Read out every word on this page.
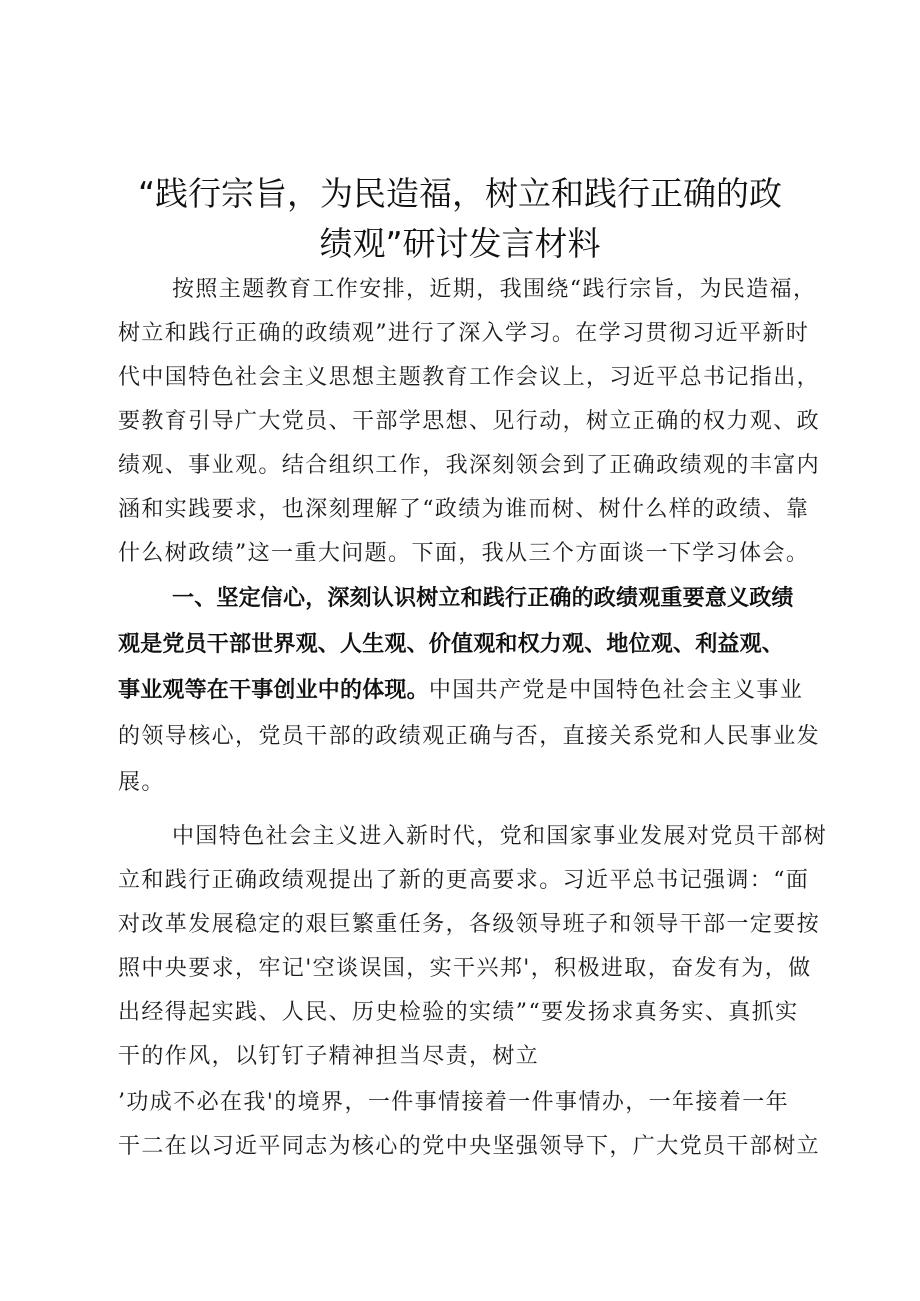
“践行宗旨，为民造福，树立和践行正确的政
绩观”研讨发言材料

按照主题教育工作安排，近期，我围绕“践行宗旨，为民造福，

树立和践行正确的政绩观”进行了深入学习。在学习贯彻习近平新时

代中国特色社会主义思想主题教育工作会议上，习近平总书记指出，

要教育引导广大党员、干部学思想、见行动，树立正确的权力观、政

绩观、事业观。结合组织工作，我深刻领会到了正确政绩观的丰富内

涵和实践要求，也深刻理解了“政绩为谁而树、树什么样的政绩、靠

什么树政绩”这一重大问题。下面，我从三个方面谈一下学习体会。

一、坚定信心，深刻认识树立和践行正确的政绩观重要意义政绩

观是党员干部世界观、人生观、价值观和权力观、地位观、利益观、

事业观等在干事创业中的体现。中国共产党是中国特色社会主义事业

的领导核心，党员干部的政绩观正确与否，直接关系党和人民事业发

展。

中国特色社会主义进入新时代，党和国家事业发展对党员干部树

立和践行正确政绩观提出了新的更高要求。习近平总书记强调：“面

对改革发展稳定的艰巨繁重任务，各级领导班子和领导干部一定要按

照中央要求，牢记'空谈误国，实干兴邦'，积极进取，奋发有为，做

出经得起实践、人民、历史检验的实绩”“要发扬求真务实、真抓实

干的作风，以钉钉子精神担当尽责，树立

’功成不必在我'的境界，一件事情接着一件事情办，一年接着一年

干二在以习近平同志为核心的党中央坚强领导下，广大党员干部树立
